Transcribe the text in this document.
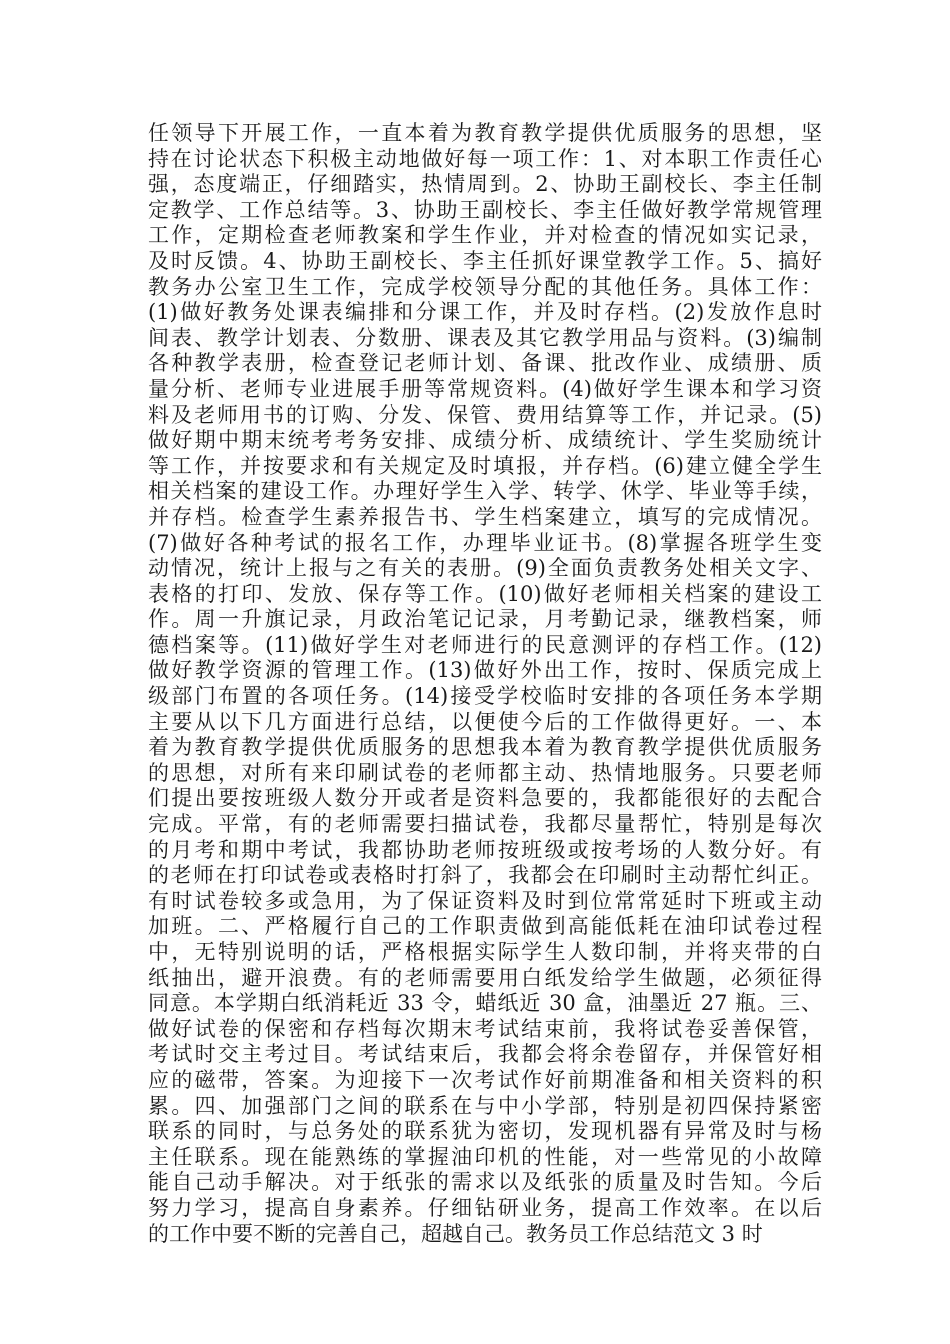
任领导下开展工作，一直本着为教育教学提供优质服务的思想，坚
持在讨论状态下积极主动地做好每一项工作：1、对本职工作责任心
强，态度端正，仔细踏实，热情周到。2、协助王副校长、李主任制
定教学、工作总结等。3、协助王副校长、李主任做好教学常规管理
工作，定期检查老师教案和学生作业，并对检查的情况如实记录，
及时反馈。4、协助王副校长、李主任抓好课堂教学工作。5、搞好
教务办公室卫生工作，完成学校领导分配的其他任务。具体工作：
(1)做好教务处课表编排和分课工作，并及时存档。(2)发放作息时
间表、教学计划表、分数册、课表及其它教学用品与资料。(3)编制
各种教学表册，检查登记老师计划、备课、批改作业、成绩册、质
量分析、老师专业进展手册等常规资料。(4)做好学生课本和学习资
料及老师用书的订购、分发、保管、费用结算等工作，并记录。(5)
做好期中期末统考考务安排、成绩分析、成绩统计、学生奖励统计
等工作，并按要求和有关规定及时填报，并存档。(6)建立健全学生
相关档案的建设工作。办理好学生入学、转学、休学、毕业等手续，
并存档。检查学生素养报告书、学生档案建立，填写的完成情况。
(7)做好各种考试的报名工作，办理毕业证书。(8)掌握各班学生变
动情况，统计上报与之有关的表册。(9)全面负责教务处相关文字、
表格的打印、发放、保存等工作。(10)做好老师相关档案的建设工
作。周一升旗记录，月政治笔记记录，月考勤记录，继教档案，师
德档案等。(11)做好学生对老师进行的民意测评的存档工作。(12)
做好教学资源的管理工作。(13)做好外出工作，按时、保质完成上
级部门布置的各项任务。(14)接受学校临时安排的各项任务本学期
主要从以下几方面进行总结，以便使今后的工作做得更好。一、本
着为教育教学提供优质服务的思想我本着为教育教学提供优质服务
的思想，对所有来印刷试卷的老师都主动、热情地服务。只要老师
们提出要按班级人数分开或者是资料急要的，我都能很好的去配合
完成。平常，有的老师需要扫描试卷，我都尽量帮忙，特别是每次
的月考和期中考试，我都协助老师按班级或按考场的人数分好。有
的老师在打印试卷或表格时打斜了，我都会在印刷时主动帮忙纠正。
有时试卷较多或急用，为了保证资料及时到位常常延时下班或主动
加班。二、严格履行自己的工作职责做到高能低耗在油印试卷过程
中，无特别说明的话，严格根据实际学生人数印制，并将夹带的白
纸抽出，避开浪费。有的老师需要用白纸发给学生做题，必须征得
同意。本学期白纸消耗近 33 令，蜡纸近 30 盒，油墨近 27 瓶。三、
做好试卷的保密和存档每次期末考试结束前，我将试卷妥善保管，
考试时交主考过目。考试结束后，我都会将余卷留存，并保管好相
应的磁带，答案。为迎接下一次考试作好前期准备和相关资料的积
累。四、加强部门之间的联系在与中小学部，特别是初四保持紧密
联系的同时，与总务处的联系犹为密切，发现机器有异常及时与杨
主任联系。现在能熟练的掌握油印机的性能，对一些常见的小故障
能自己动手解决。对于纸张的需求以及纸张的质量及时告知。今后
努力学习，提高自身素养。仔细钻研业务，提高工作效率。在以后
的工作中要不断的完善自己，超越自己。教务员工作总结范文 3 时
